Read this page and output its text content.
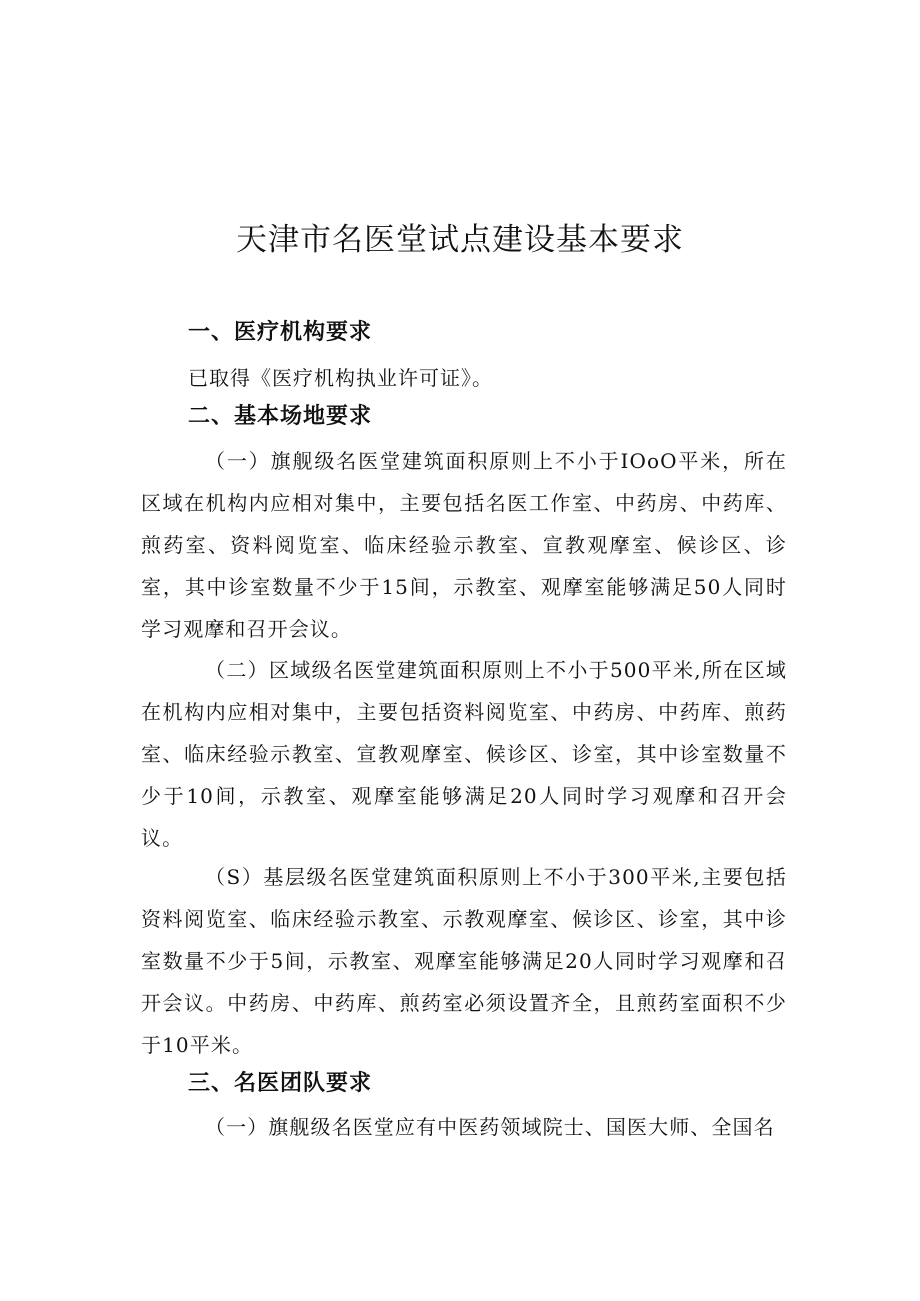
天津市名医堂试点建设基本要求
一、医疗机构要求

已取得《医疗机构执业许可证》。

二、基本场地要求

（一）旗舰级名医堂建筑面积原则上不小于IOoO平米，所在区域在机构内应相对集中，主要包括名医工作室、中药房、中药库、煎药室、资料阅览室、临床经验示教室、宣教观摩室、候诊区、诊室，其中诊室数量不少于15间，示教室、观摩室能够满足50人同时学习观摩和召开会议。

（二）区域级名医堂建筑面积原则上不小于500平米,所在区域在机构内应相对集中，主要包括资料阅览室、中药房、中药库、煎药室、临床经验示教室、宣教观摩室、候诊区、诊室，其中诊室数量不少于10间，示教室、观摩室能够满足20人同时学习观摩和召开会议。

（S）基层级名医堂建筑面积原则上不小于300平米,主要包括资料阅览室、临床经验示教室、示教观摩室、候诊区、诊室，其中诊室数量不少于5间，示教室、观摩室能够满足20人同时学习观摩和召开会议。中药房、中药库、煎药室必须设置齐全，且煎药室面积不少于10平米。

三、名医团队要求

（一）旗舰级名医堂应有中医药领域院士、国医大师、全国名
